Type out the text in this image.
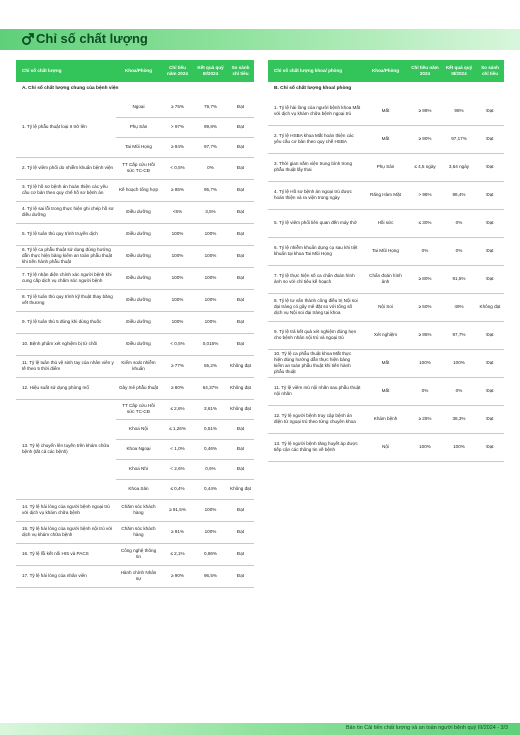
Chỉ số chất lượng
Chỉ số chất lượng	Khoa/Phòng	Chỉ tiêu năm 2024	Kết quả quý III/2024	So sánh chỉ tiêu
A. Chỉ số chất lượng chung của bệnh viện				
1. Tỷ lệ phẫu thuật loại II trở lên	Ngoại	≥ 75%	79,7%	Đạt
	Phụ Sản	> 97%	99,8%	Đạt
	Tai Mũi Họng	≥ 94%	97,7%	Đạt
2. Tỷ lệ viêm phổi do nhiễm khuẩn bệnh viện	TT Cấp cứu Hồi sức TC-CĐ	< 0,5%	0%	Đạt
3. Tỷ lệ hồ sơ bệnh án hoàn thiện các yêu cầu cơ bản theo quy chế hồ sơ bệnh án	Kế hoạch tổng hợp	≥ 95%	95,7%	Đạt
4. Tỷ lệ sai lỗi trong thực hiện ghi chép hồ sơ điều dưỡng	Điều dưỡng	<5%	3,5%	Đạt
5. Tỷ lệ tuân thủ quy trình truyền dịch	Điều dưỡng	100%	100%	Đạt
6. Tỷ lệ ca phẫu thuật sử dụng đúng hướng dẫn thực hiện bảng kiểm an toàn phẫu thuật khi tiến hành phẫu thuật	Điều dưỡng	100%	100%	Đạt
7. Tỷ lệ nhận diện chính xác người bệnh khi cung cấp dịch vụ chăm sóc người bệnh	Điều dưỡng	100%	100%	Đạt
8. Tỷ lệ tuân thủ quy trình kỹ thuật thay băng vết thương	Điều dưỡng	100%	100%	Đạt
9. Tỷ lệ tuân thủ 5 đúng khi dùng thuốc	Điều dưỡng	100%	100%	Đạt
10. Bệnh phẩm xét nghiệm bị từ chối	Điều dưỡng	< 0,5%	0,016%	Đạt
11. Tỷ lệ tuân thủ vệ sinh tay của nhân viên y tế theo 5 thời điểm	Kiểm soát nhiễm khuẩn	≥ 77%	55,2%	Không đạt
12. Hiệu suất sử dụng phòng mổ	Gây mê phẫu thuật	≥ 80%	64,37%	Không đạt
13. Tỷ lệ chuyển lên tuyến trên khám chữa bệnh (tất cả các bệnh)	TT Cấp cứu Hồi sức TC-CĐ	≤ 2,6%	3,61%	Không đạt
	Khoa Nội	≤ 1,26%	0,51%	Đạt
	Khoa Ngoại	< 1,0%	0,46%	Đạt
	Khoa Nhi	< 2,6%	0,6%	Đạt
	Khoa Sản	≤ 0,4%	0,44%	Không đạt
14. Tỷ lệ hài lòng của người bệnh ngoại trú với dịch vụ khám chữa bệnh	Chăm sóc khách hàng	≥ 91,5%	100%	Đạt
15. Tỷ lệ hài lòng của người bệnh nội trú với dịch vụ khám chữa bệnh	Chăm sóc khách hàng	≥ 91%	100%	Đạt
16. Tỷ lệ lỗi kết nối HIS và PACS	Công nghệ thông tin	≤ 2,1%	0,86%	Đạt
17. Tỷ lệ hài lòng của nhân viên	Hành chính Nhân sự	≥ 90%	96,5%	Đạt
Chỉ số chất lượng khoa/ phòng	Khoa/Phòng	Chỉ tiêu năm 2024	Kết quả quý III/2024	So sánh chỉ tiêu
B. Chỉ số chất lượng khoa/ phòng				
1. Tỷ lệ hài lòng của người bệnh khoa Mắt với dịch vụ khám chữa bệnh ngoại trú	Mắt	≥ 98%	98%	Đạt
2. Tỷ lệ HSBA khoa Mắt hoàn thiện các yêu cầu cơ bản theo quy chế HSBA	Mắt	≥ 90%	97,17%	Đạt
3. Thời gian nằm viện trung bình trong phẫu thuật lấy thai	Phụ Sản	≤ 4,5 ngày	3,64 ngày	Đạt
4. Tỷ lệ Hồ sơ bệnh án ngoại trú được hoàn thiện và ra viện trong ngày	Răng Hàm Mặt	> 98%	98,4%	Đạt
5. Tỷ lệ viêm phổi liên quan đến máy thở	Hồi sức	≤ 30%	0%	Đạt
6. Tỷ lệ nhiễm khuẩn dụng cụ sau khi tiệt khuẩn tại khoa Tai Mũi Họng	Tai Mũi Họng	0%	0%	Đạt
7. Tỷ lệ thực hiện số ca chẩn đoán hình ảnh so với chỉ tiêu kế hoạch	Chẩn đoán hình ảnh	≥ 80%	91,5%	Đạt
8. Tỷ lệ tư vấn thành công điều trị Nội soi đại tràng có gây mê đặt so với tổng số dịch vụ Nội soi đại tràng tại khoa	Nội Soi	≥ 50%	49%	Không đạt
9. Tỷ lệ trả kết quả xét nghiệm đúng hẹn cho bệnh nhân nội trú và ngoại trú	Xét nghiệm	≥ 95%	97,7%	Đạt
10. Tỷ lệ ca phẫu thuật khoa Mắt thực hiện đúng hướng dẫn thực hiện bảng kiểm an toàn phẫu thuật khi tiến hành phẫu thuật	Mắt	100%	100%	Đạt
11. Tỷ lệ viêm mủ nội nhãn sau phẫu thuật nội nhãn	Mắt	0%	0%	Đạt
12. Tỷ lệ người bệnh truy cập bệnh án điện tử ngoại trú theo từng chuyên khoa	Khám bệnh	≥ 25%	38,3%	Đạt
13. Tỷ lệ người bệnh tăng huyết áp được tiếp cận các thông tin về bệnh	Nội	100%	100%	Đạt
Bản tin Cải tiến chất lượng và an toàn người bệnh quý III/2024 - 3/3
